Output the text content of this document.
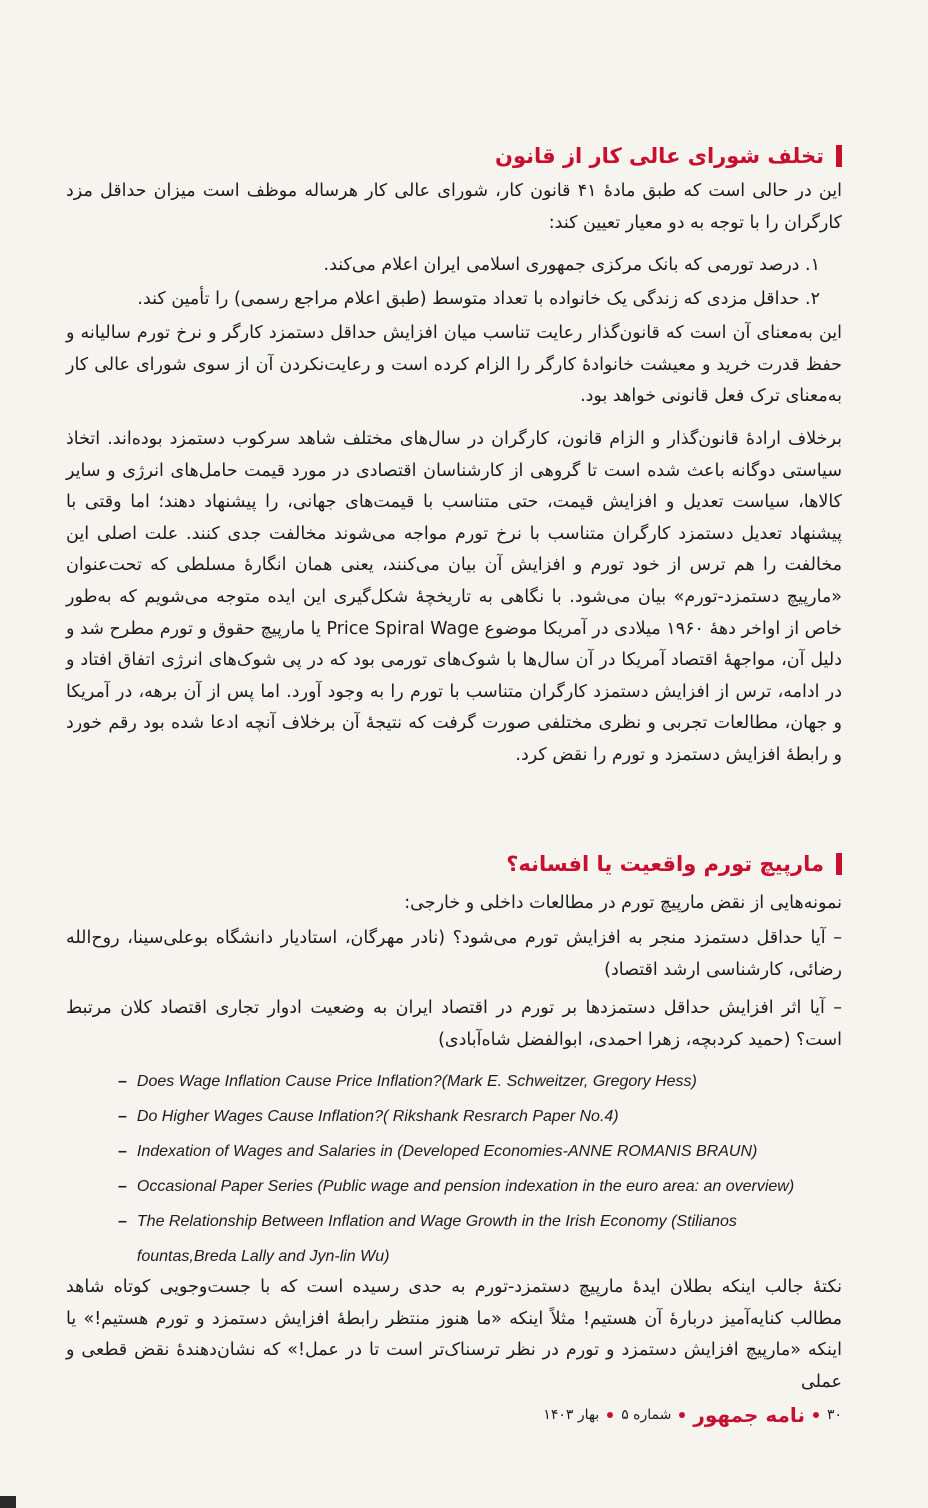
تخلف شورای عالی کار از قانون
این در حالی است که طبق مادهٔ ۴۱ قانون کار، شورای عالی کار هرساله موظف است میزان حداقل مزد کارگران را با توجه به دو معیار تعیین کند:
۱. درصد تورمی که بانک مرکزی جمهوری اسلامی ایران اعلام می‌کند.
۲. حداقل مزدی که زندگی یک خانواده با تعداد متوسط (طبق اعلام مراجع رسمی) را تأمین کند.
این به‌معنای آن است که قانون‌گذار رعایت تناسب میان افزایش حداقل دستمزد کارگر و نرخ تورم سالیانه و حفظ قدرت خرید و معیشت خانوادهٔ کارگر را الزام کرده است و رعایت‌نکردن آن از سوی شورای عالی کار به‌معنای ترک فعل قانونی خواهد بود.
برخلاف ارادهٔ قانون‌گذار و الزام قانون، کارگران در سال‌های مختلف شاهد سرکوب دستمزد بوده‌اند. اتخاذ سیاستی دوگانه باعث شده است تا گروهی از کارشناسان اقتصادی در مورد قیمت حامل‌های انرژی و سایر کالاها، سیاست تعدیل و افزایش قیمت، حتی متناسب با قیمت‌های جهانی، را پیشنهاد دهند؛ اما وقتی با پیشنهاد تعدیل دستمزد کارگران متناسب با نرخ تورم مواجه می‌شوند مخالفت جدی کنند. علت اصلی این مخالفت را هم ترس از خود تورم و افزایش آن بیان می‌کنند، یعنی همان انگارهٔ مسلطی که تحت‌عنوان «مارپیچ دستمزد-تورم» بیان می‌شود. با نگاهی به تاریخچهٔ شکل‌گیری این ایده متوجه می‌شویم که به‌طور خاص از اواخر دههٔ ۱۹۶۰ میلادی در آمریکا موضوع Price Spiral Wage یا مارپیچ حقوق و تورم مطرح شد و دلیل آن، مواجههٔ اقتصاد آمریکا در آن سال‌ها با شوک‌های تورمی بود که در پی شوک‌های انرژی اتفاق افتاد و در ادامه، ترس از افزایش دستمزد کارگران متناسب با تورم را به وجود آورد. اما پس از آن برهه، در آمریکا و جهان، مطالعات تجربی و نظری مختلفی صورت گرفت که نتیجهٔ آن برخلاف آنچه ادعا شده بود رقم خورد و رابطهٔ افزایش دستمزد و تورم را نقض کرد.
مارپیچ تورم واقعیت یا افسانه؟
نمونه‌هایی از نقض مارپیچ تورم در مطالعات داخلی و خارجی:
– آیا حداقل دستمزد منجر به افزایش تورم می‌شود؟ (نادر مهرگان، استادیار دانشگاه بوعلی‌سینا، روح‌الله رضائی، کارشناسی ارشد اقتصاد)
– آیا اثر افزایش حداقل دستمزدها بر تورم در اقتصاد ایران به وضعیت ادوار تجاری اقتصاد کلان مرتبط است؟ (حمید کردبچه، زهرا احمدی، ابوالفضل شاه‌آبادی)
– Does Wage Inflation Cause Price Inflation?(Mark E. Schweitzer, Gregory Hess)
– Do Higher Wages Cause Inflation?( Rikshank Resrarch Paper No.4)
– Indexation of Wages and Salaries in (Developed Economies-ANNE ROMANIS BRAUN)
– Occasional Paper Series (Public wage and pension indexation in the euro area: an overview)
– The Relationship Between Inflation and Wage Growth in the Irish Economy (Stilianos fountas,Breda Lally and Jyn-lin Wu)
نکتهٔ جالب اینکه بطلان ایدهٔ مارپیچ دستمزد-تورم به حدی رسیده است که با جست‌وجویی کوتاه شاهد مطالب کنایه‌آمیز دربارهٔ آن هستیم! مثلاً اینکه «ما هنوز منتظر رابطهٔ افزایش دستمزد و تورم هستیم!» یا اینکه «مارپیچ افزایش دستمزد و تورم در نظر ترسناک‌تر است تا در عمل!» که نشان‌دهندهٔ نقض قطعی و عملی
۳۰
نامه جمهور
شماره ۵
بهار ۱۴۰۳
